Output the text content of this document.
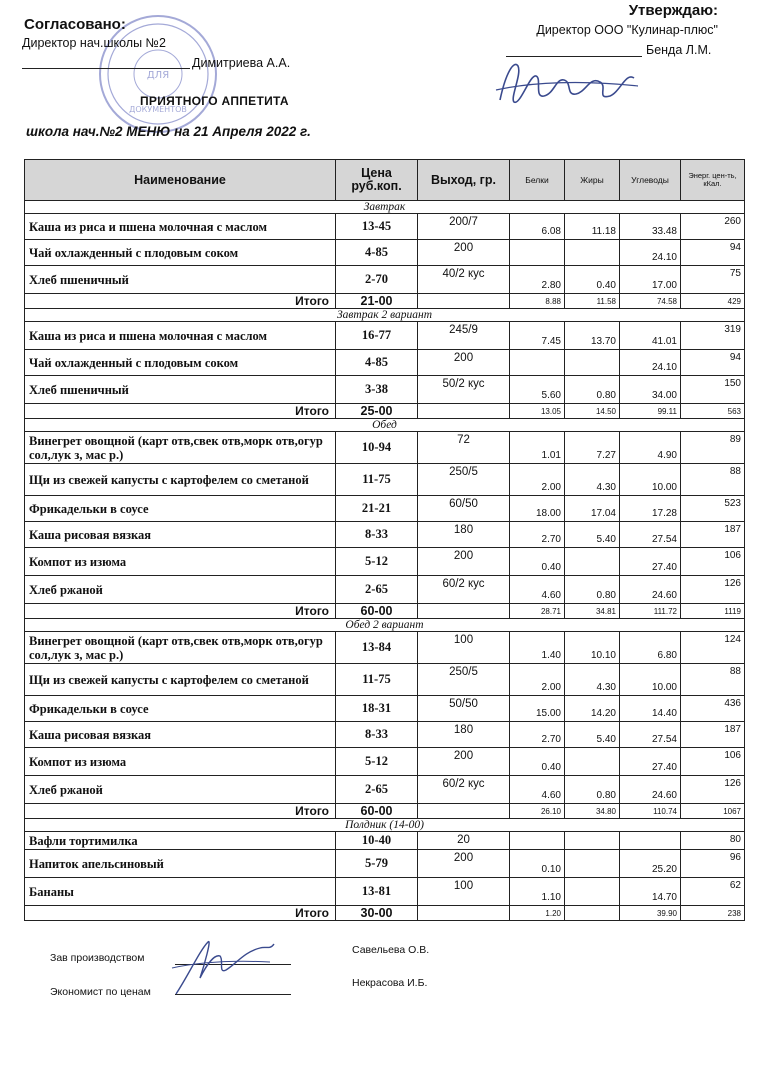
ДЛЯ
ДОКУМЕНТОВ
Согласовано:
Директор нач.школы №2
Димитриева А.А.
Утверждаю:
Директор ООО "Кулинар-плюс"
Бенда Л.М.
ПРИЯТНОГО АППЕТИТА
школа нач.№2 МЕНЮ на 21 Апреля 2022 г.
Наименование	Цена руб.коп.	Выход, гр.	Белки	Жиры	Углеводы	Энерг. цен-ть, кКал.
Завтрак						
Каша из риса и пшена молочная с маслом	13-45	200/7	6.08	11.18	33.48	260
Чай охлажденный с плодовым соком	4-85	200			24.10	94
Хлеб пшеничный	2-70	40/2 кус	2.80	0.40	17.00	75
Итого	21-00		8.88	11.58	74.58	429
Завтрак 2 вариант						
Каша из риса и пшена молочная с маслом	16-77	245/9	7.45	13.70	41.01	319
Чай охлажденный с плодовым соком	4-85	200			24.10	94
Хлеб пшеничный	3-38	50/2 кус	5.60	0.80	34.00	150
Итого	25-00		13.05	14.50	99.11	563
Обед						
Винегрет овощной (карт отв,свек отв,морк отв,огур сол,лук з, мас р.)	10-94	72	1.01	7.27	4.90	89
Щи из свежей капусты с картофелем со сметаной	11-75	250/5	2.00	4.30	10.00	88
Фрикадельки в соусе	21-21	60/50	18.00	17.04	17.28	523
Каша рисовая вязкая	8-33	180	2.70	5.40	27.54	187
Компот из изюма	5-12	200	0.40		27.40	106
Хлеб ржаной	2-65	60/2 кус	4.60	0.80	24.60	126
Итого	60-00		28.71	34.81	111.72	1119
Обед 2 вариант						
Винегрет овощной (карт отв,свек отв,морк отв,огур сол,лук з, мас р.)	13-84	100	1.40	10.10	6.80	124
Щи из свежей капусты с картофелем со сметаной	11-75	250/5	2.00	4.30	10.00	88
Фрикадельки в соусе	18-31	50/50	15.00	14.20	14.40	436
Каша рисовая вязкая	8-33	180	2.70	5.40	27.54	187
Компот из изюма	5-12	200	0.40		27.40	106
Хлеб ржаной	2-65	60/2 кус	4.60	0.80	24.60	126
Итого	60-00		26.10	34.80	110.74	1067
Полдник (14-00)						
Вафли тортимилка	10-40	20				80
Напиток апельсиновый	5-79	200	0.10		25.20	96
Бананы	13-81	100	1.10		14.70	62
Итого	30-00		1.20		39.90	238
Зав производством
Савельева О.В.
Экономист по ценам
Некрасова И.Б.
